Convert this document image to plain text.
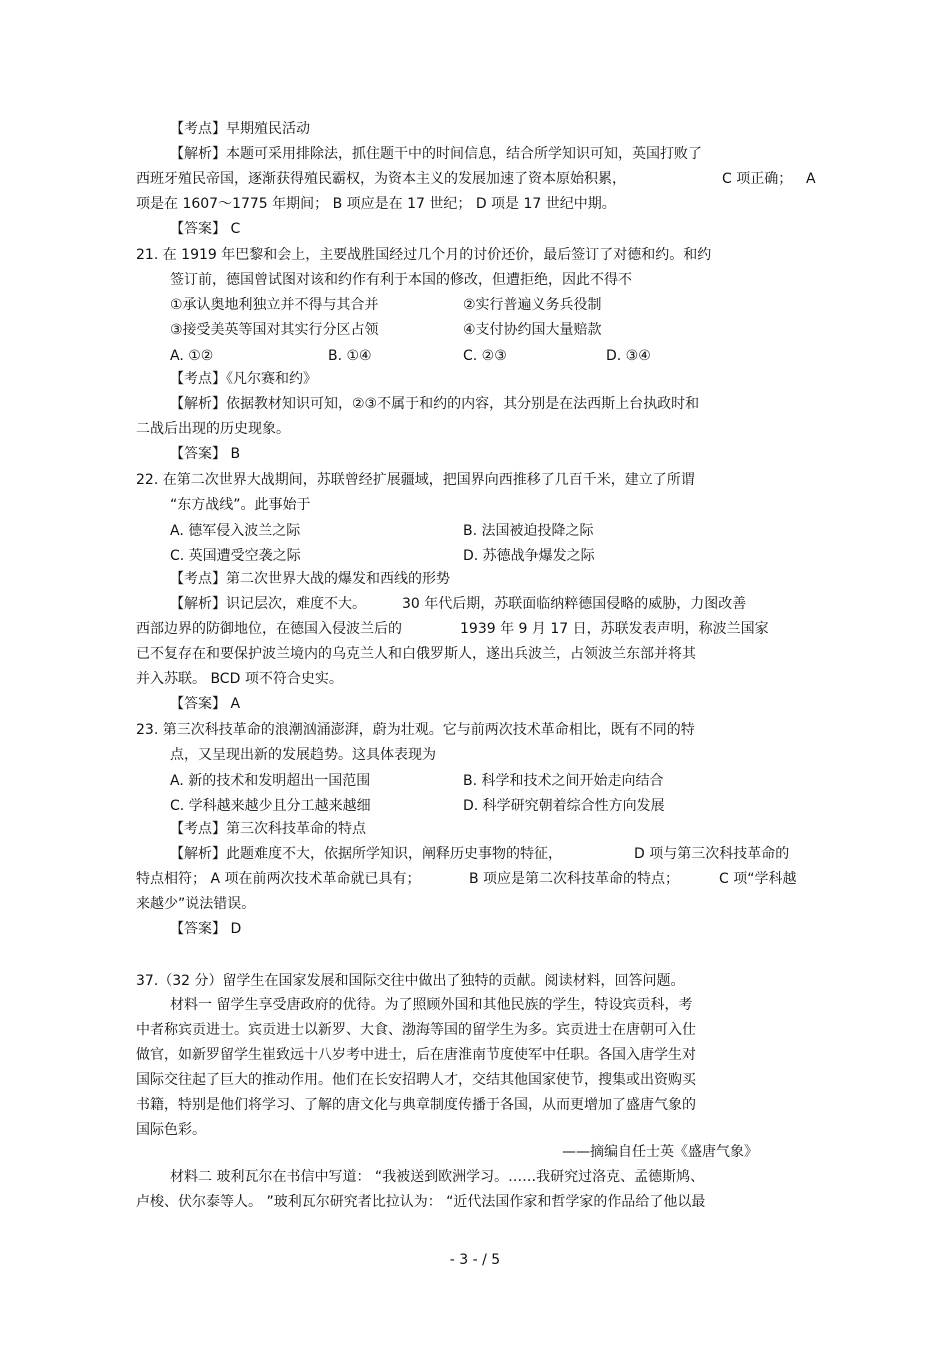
【考点】早期殖民活动
【解析】本题可采用排除法，抓住题干中的时间信息，结合所学知识可知，英国打败了
西班牙殖民帝国，逐渐获得殖民霸权，为资本主义的发展加速了资本原始积累，	C 项正确； A
项是在 1607～1775 年期间； B 项应是在 17 世纪； D 项是 17 世纪中期。
【答案】 C
21. 在 1919 年巴黎和会上，主要战胜国经过几个月的讨价还价，最后签订了对德和约。和约
签订前，德国曾试图对该和约作有利于本国的修改，但遭拒绝，因此不得不
①承认奥地利独立并不得与其合并	②实行普遍义务兵役制
③接受美英等国对其实行分区占领	④支付协约国大量赔款
A. ①②	B. ①④	C. ②③	D. ③④
【考点】《凡尔赛和约》
【解析】依据教材知识可知，②③不属于和约的内容，其分别是在法西斯上台执政时和
二战后出现的历史现象。
【答案】 B
22. 在第二次世界大战期间，苏联曾经扩展疆域，把国界向西推移了几百千米，建立了所谓
“东方战线”。此事始于
A. 德军侵入波兰之际	B. 法国被迫投降之际
C. 英国遭受空袭之际	D. 苏德战争爆发之际
【考点】第二次世界大战的爆发和西线的形势
【解析】识记层次，难度不大。	30 年代后期，苏联面临纳粹德国侵略的威胁，力图改善
西部边界的防御地位，在德国入侵波兰后的	1939 年 9 月 17 日，苏联发表声明，称波兰国家
已不复存在和要保护波兰境内的乌克兰人和白俄罗斯人，遂出兵波兰，占领波兰东部并将其
并入苏联。 BCD 项不符合史实。
【答案】 A
23. 第三次科技革命的浪潮汹涌澎湃，蔚为壮观。它与前两次技术革命相比，既有不同的特
点，又呈现出新的发展趋势。这具体表现为
A. 新的技术和发明超出一国范围	B. 科学和技术之间开始走向结合
C. 学科越来越少且分工越来越细	D. 科学研究朝着综合性方向发展
【考点】第三次科技革命的特点
【解析】此题难度不大，依据所学知识，阐释历史事物的特征，	D 项与第三次科技革命的
特点相符； A 项在前两次技术革命就已具有；	B 项应是第二次科技革命的特点；	C 项“学科越
来越少”说法错误。
【答案】 D
37.（32 分）留学生在国家发展和国际交往中做出了独特的贡献。阅读材料，回答问题。
材料一 留学生享受唐政府的优待。为了照顾外国和其他民族的学生，特设宾贡科，考
中者称宾贡进士。宾贡进士以新罗、大食、渤海等国的留学生为多。宾贡进士在唐朝可入仕
做官，如新罗留学生崔致远十八岁考中进士，后在唐淮南节度使军中任职。各国入唐学生对
国际交往起了巨大的推动作用。他们在长安招聘人才，交结其他国家使节，搜集或出资购买
书籍，特别是他们将学习、了解的唐文化与典章制度传播于各国，从而更增加了盛唐气象的
国际色彩。
——摘编自任士英《盛唐气象》
材料二 玻利瓦尔在书信中写道： “我被送到欧洲学习。……我研究过洛克、孟德斯鸠、
卢梭、伏尔泰等人。 ”玻利瓦尔研究者比拉认为： “近代法国作家和哲学家的作品给了他以最
- 3 - / 5
